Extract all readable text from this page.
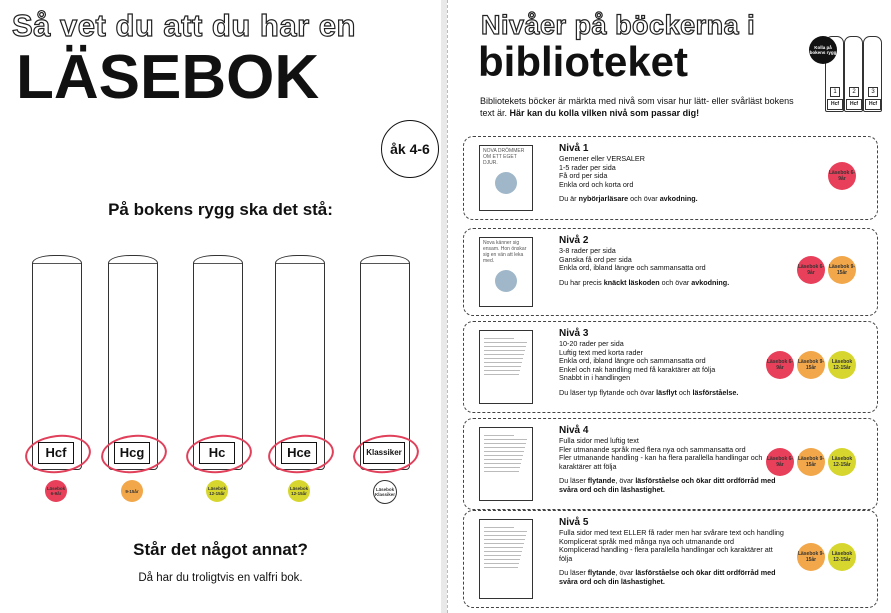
Så vet du att du har en
LÄSEBOK
åk 4-6
På bokens rygg ska det stå:
Hcf
Läsebok 6-9år
Hcg
9-15år
Hc
Läsebok 12-15år
Hce
Läsebok 12-15år
Klassiker
Läsebok Klassiker
Står det något annat?
Då har du troligtvis en valfri bok.
Nivåer på böckerna i
biblioteket
1
Hcf
2
Hcf
3
Hcf
Kolla på bokens rygg
Bibliotekets böcker är märkta med nivå som visar hur lätt- eller svårläst bokens text är. Här kan du kolla vilken nivå som passar dig!
NOVA DRÖMMER OM ETT EGET DJUR.
Nivå 1
Gemener eller VERSALER
1-5 rader per sida
Få ord per sida
Enkla ord och korta ord
Du är nybörjarläsare och övar avkodning.
Läsebok 6-9år
Nova känner sig ensam. Hon önskar sig en vän att leka med.
Nivå 2
3-8 rader per sida
Ganska få ord per sida
Enkla ord, ibland längre och sammansatta ord
Du har precis knäckt läskoden och övar avkodning.
Läsebok 6-9år
Läsebok 9-15år
Nivå 3
10-20 rader per sida
Luftig text med korta rader
Enkla ord, ibland längre och sammansatta ord
Enkel och rak handling med få karaktärer att följa
Snabbt in i handlingen
Du läser typ flytande och övar läsflyt och läsförståelse.
Läsebok 6-9år
Läsebok 9-15år
Läsebok 12-15år
Nivå 4
Fulla sidor med luftig text
Fler utmanande språk med flera nya och sammansatta ord
Fler utmanande handling - kan ha flera parallella handlingar och karaktärer att följa
Du läser flytande, övar läsförståelse och ökar ditt ordförråd med svåra ord och din läshastighet.
Läsebok 6-9år
Läsebok 9-15år
Läsebok 12-15år
Nivå 5
Fulla sidor med text ELLER få rader men har svårare text och handling
Komplicerat språk med många nya och utmanande ord
Komplicerad handling - flera parallella handlingar och karaktärer att följa
Du läser flytande, övar läsförståelse och ökar ditt ordförråd med svåra ord och din läshastighet.
Läsebok 9-15år
Läsebok 12-15år
